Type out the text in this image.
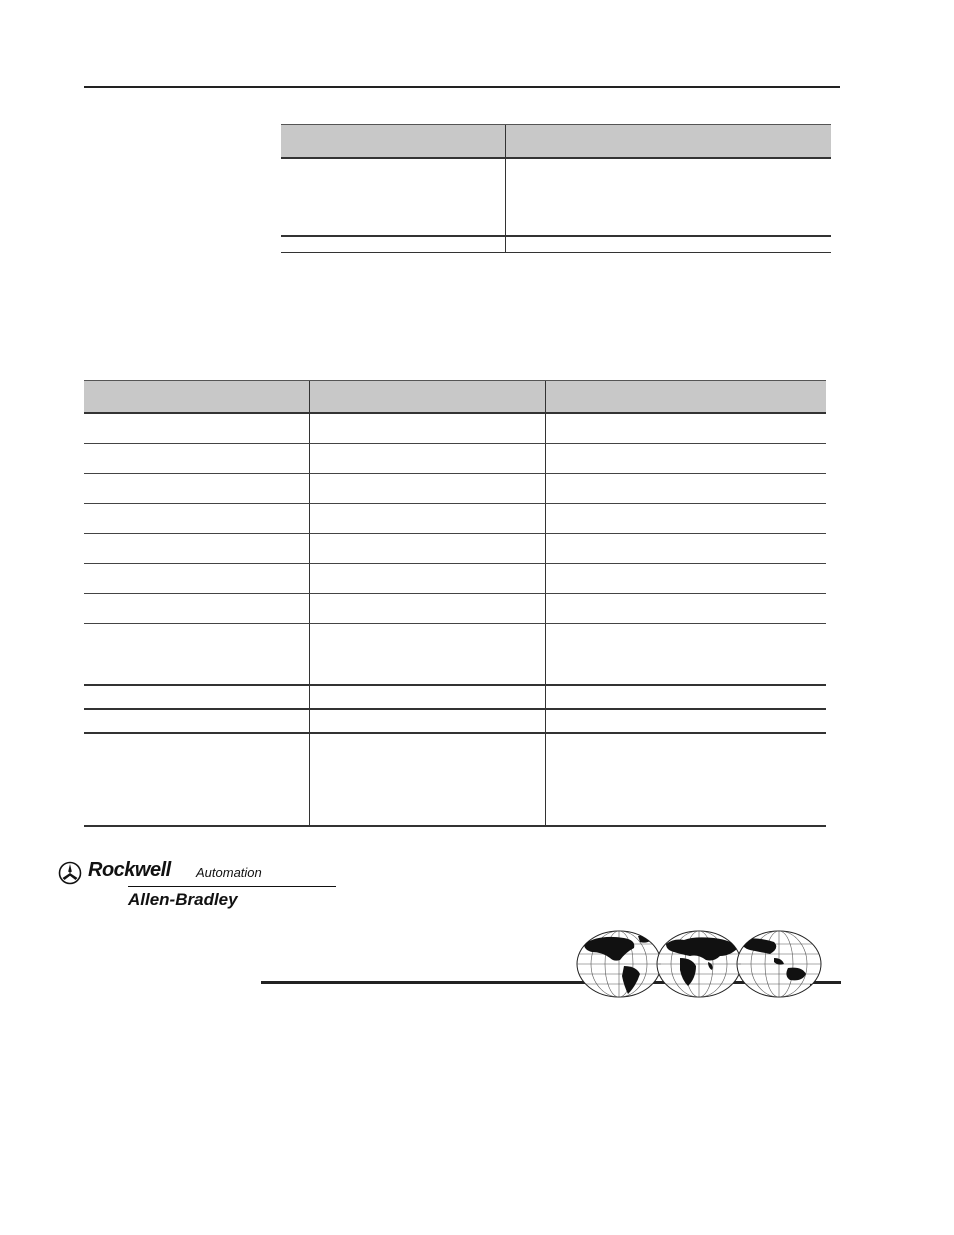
Rockwell Automation
Allen-Bradley
